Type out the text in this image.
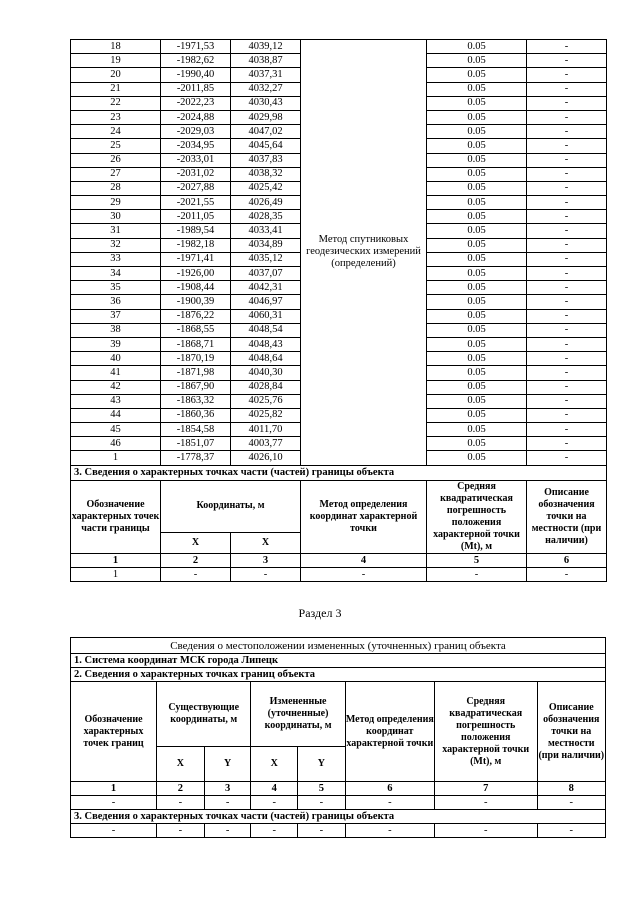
18	-1971,53	4039,12	Метод спутниковых геодезических измерений (определений)	0.05	-
19	-1982,62	4038,87		0.05	-
20	-1990,40	4037,31		0.05	-
21	-2011,85	4032,27		0.05	-
22	-2022,23	4030,43		0.05	-
23	-2024,88	4029,98		0.05	-
24	-2029,03	4047,02		0.05	-
25	-2034,95	4045,64		0.05	-
26	-2033,01	4037,83		0.05	-
27	-2031,02	4038,32		0.05	-
28	-2027,88	4025,42		0.05	-
29	-2021,55	4026,49		0.05	-
30	-2011,05	4028,35		0.05	-
31	-1989,54	4033,41		0.05	-
32	-1982,18	4034,89		0.05	-
33	-1971,41	4035,12		0.05	-
34	-1926,00	4037,07		0.05	-
35	-1908,44	4042,31		0.05	-
36	-1900,39	4046,97		0.05	-
37	-1876,22	4060,31		0.05	-
38	-1868,55	4048,54		0.05	-
39	-1868,71	4048,43		0.05	-
40	-1870,19	4048,64		0.05	-
41	-1871,98	4040,30		0.05	-
42	-1867,90	4028,84		0.05	-
43	-1863,32	4025,76		0.05	-
44	-1860,36	4025,82		0.05	-
45	-1854,58	4011,70		0.05	-
46	-1851,07	4003,77		0.05	-
1	-1778,37	4026,10		0.05	-
3. Сведения о характерных точках части (частей) границы объекта					
Обозначение характерных точек части границы	Координаты, м		Метод определения координат характерной точки	Средняя квадратическая погрешность положения характерной точки (Mt), м	Описание обозначения точки на местности (при наличии)
	X	X			
1	2	3	4	5	6
1	-	-	-	-	-
Раздел 3
Сведения о местоположении измененных (уточненных) границ объекта							
1. Система координат МСК города Липецк							
2. Сведения о характерных точках границ объекта							
Обозначение характерных точек границ	Существующие координаты, м		Измененные (уточненные) координаты, м		Метод определения координат характерной точки	Средняя квадратическая погрешность положения характерной точки (Mt), м	Описание обозначения точки на местности (при наличии)
	X	Y	X	Y			
1	2	3	4	5	6	7	8
-	-	-	-	-	-	-	-
3. Сведения о характерных точках части (частей) границы объекта							
-	-	-	-	-	-	-	-
